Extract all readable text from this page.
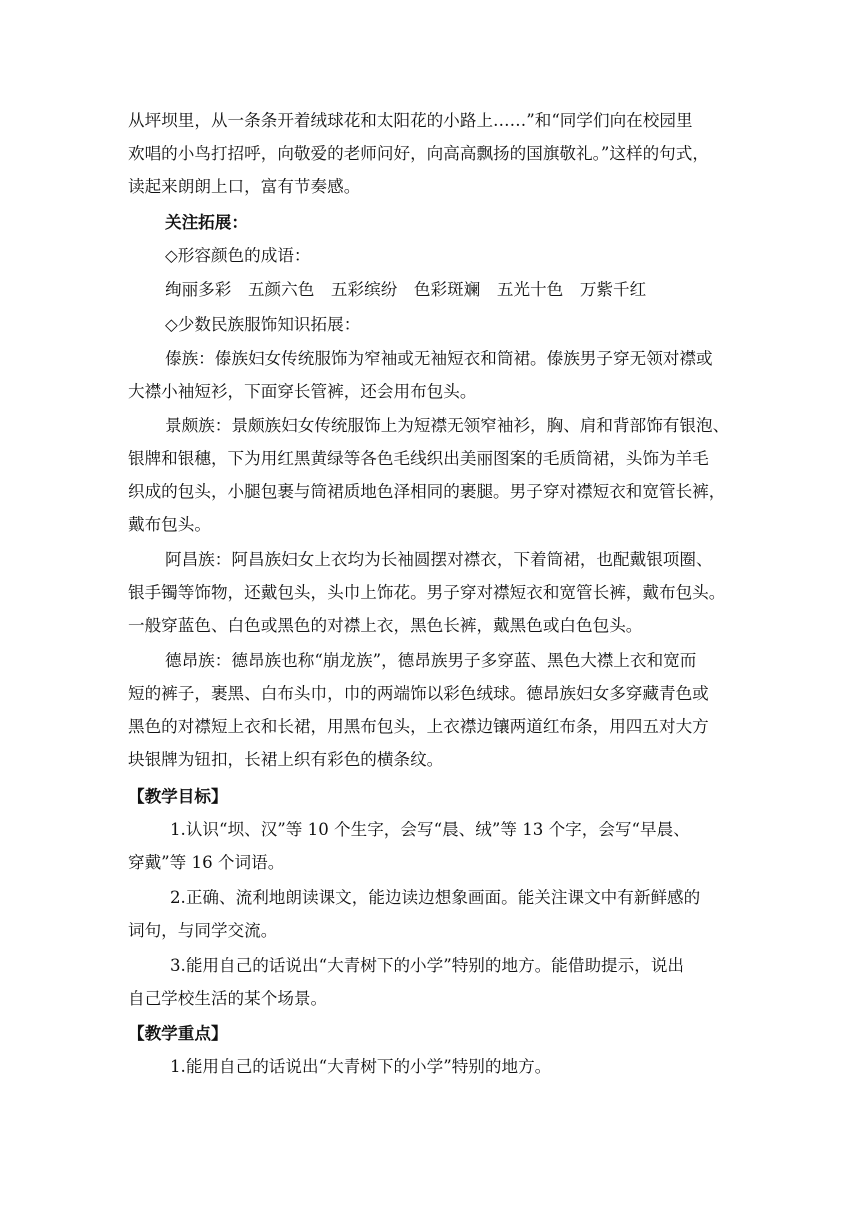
从坪坝里，从一条条开着绒球花和太阳花的小路上……”和“同学们向在校园里
欢唱的小鸟打招呼，向敬爱的老师问好，向高高飘扬的国旗敬礼。”这样的句式，
读起来朗朗上口，富有节奏感。
关注拓展：
◇形容颜色的成语：
绚丽多彩　五颜六色　五彩缤纷　色彩斑斓　五光十色　万紫千红
◇少数民族服饰知识拓展：
傣族：傣族妇女传统服饰为窄袖或无袖短衣和筒裙。傣族男子穿无领对襟或
大襟小袖短衫，下面穿长管裤，还会用布包头。
景颇族：景颇族妇女传统服饰上为短襟无领窄袖衫，胸、肩和背部饰有银泡、
银牌和银穗，下为用红黑黄绿等各色毛线织出美丽图案的毛质筒裙，头饰为羊毛
织成的包头，小腿包裹与筒裙质地色泽相同的裹腿。男子穿对襟短衣和宽管长裤，
戴布包头。
阿昌族：阿昌族妇女上衣均为长袖圆摆对襟衣，下着筒裙，也配戴银项圈、
银手镯等饰物，还戴包头，头巾上饰花。男子穿对襟短衣和宽管长裤，戴布包头。
一般穿蓝色、白色或黑色的对襟上衣，黑色长裤，戴黑色或白色包头。
德昂族：德昂族也称“崩龙族”，德昂族男子多穿蓝、黑色大襟上衣和宽而
短的裤子，裹黑、白布头巾，巾的两端饰以彩色绒球。德昂族妇女多穿藏青色或
黑色的对襟短上衣和长裙，用黑布包头，上衣襟边镶两道红布条，用四五对大方
块银牌为钮扣，长裙上织有彩色的横条纹。
【教学目标】
1.认识“坝、汉”等 10 个生字，会写“晨、绒”等 13 个字，会写“早晨、
穿戴”等 16 个词语。
2.正确、流利地朗读课文，能边读边想象画面。能关注课文中有新鲜感的
词句，与同学交流。
3.能用自己的话说出“大青树下的小学”特别的地方。能借助提示，说出
自己学校生活的某个场景。
【教学重点】
1.能用自己的话说出“大青树下的小学”特别的地方。
